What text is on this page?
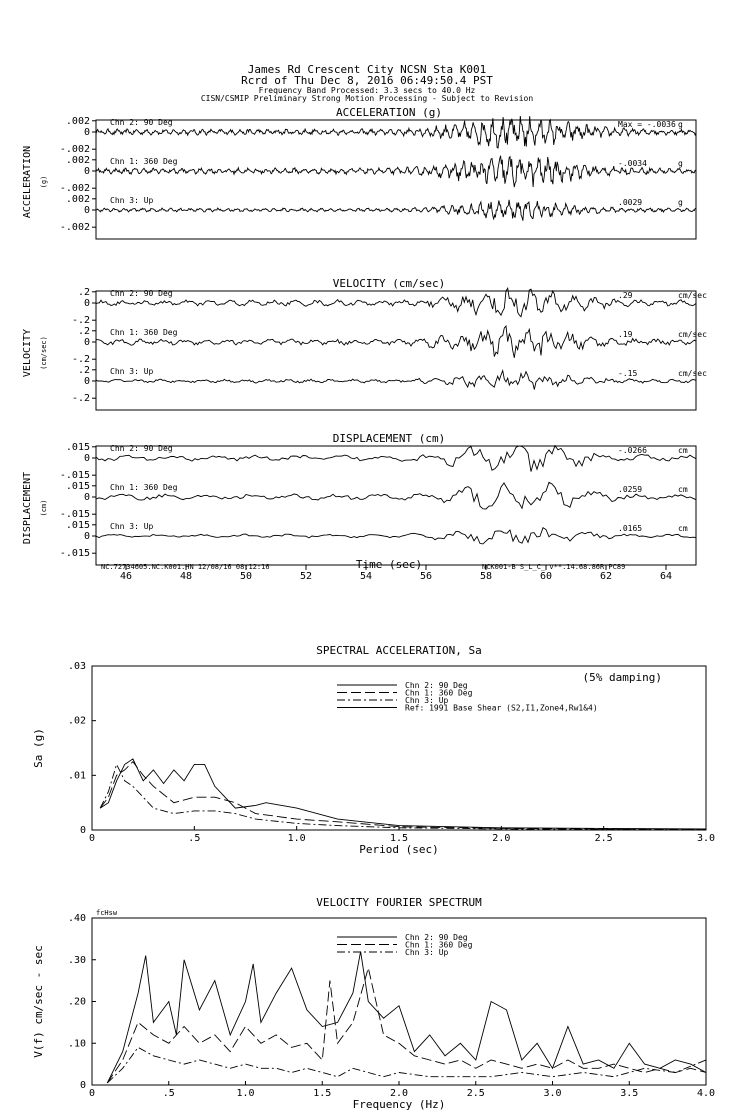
James Rd Crescent City NCSN Sta K001
Rcrd of Thu Dec 8, 2016 06:49:50.4 PST
Frequency Band Processed: 3.3 secs to 40.0 Hz
CISN/CSMIP Preliminary Strong Motion Processing - Subject to Revision
ACCELERATION (g)
ACCELERATION (g)
Chn 2: 90 Deg	Max = -.0036 g
.002
0
-.002
Chn 1: 360 Deg	-.0034	g
.002
0
-.002
Chn 3: Up	.0029	g
.002
0
-.002
VELOCITY (cm/sec)
VELOCITY (cm/sec)
Chn 2: 90 Deg	.29	cm/sec
.2
0
-.2
Chn 1: 360 Deg	.19	cm/sec
.2
0
-.2
Chn 3: Up	-.15	cm/sec
.2
0
-.2
DISPLACEMENT (cm)
DISPLACEMENT (cm)
Chn 2: 90 Deg	-.0266	cm
.015
0
-.015
Chn 1: 360 Deg	.0259	cm
.015
0
-.015
Chn 3: Up	.0165	cm
.015
0
-.015
46	48	50	52	54	56	58	60	62	64
Time (sec)
NC.72734605.NC.K001.HN 12/08/16 08:12:16	NCK001-B S_L_C_ v**.14.68.86R PC89
SPECTRAL ACCELERATION, Sa
0	.5	1.0	1.5	2.0	2.5	3.0
0
.01
.02
.03
Period (sec)
Sa (g)
(5% damping)
Chn 2: 90 Deg
Chn 1: 360 Deg
Chn 3: Up
Ref: 1991 Base Shear (S2,I1,Zone4,Rw1&4)
VELOCITY FOURIER SPECTRUM
0	.5	1.0	1.5	2.0	2.5	3.0	3.5	4.0
0
.10
.20
.30
.40
Frequency (Hz)
V(f) cm/sec - sec
fcHsw
Chn 2: 90 Deg
Chn 1: 360 Deg
Chn 3: Up
